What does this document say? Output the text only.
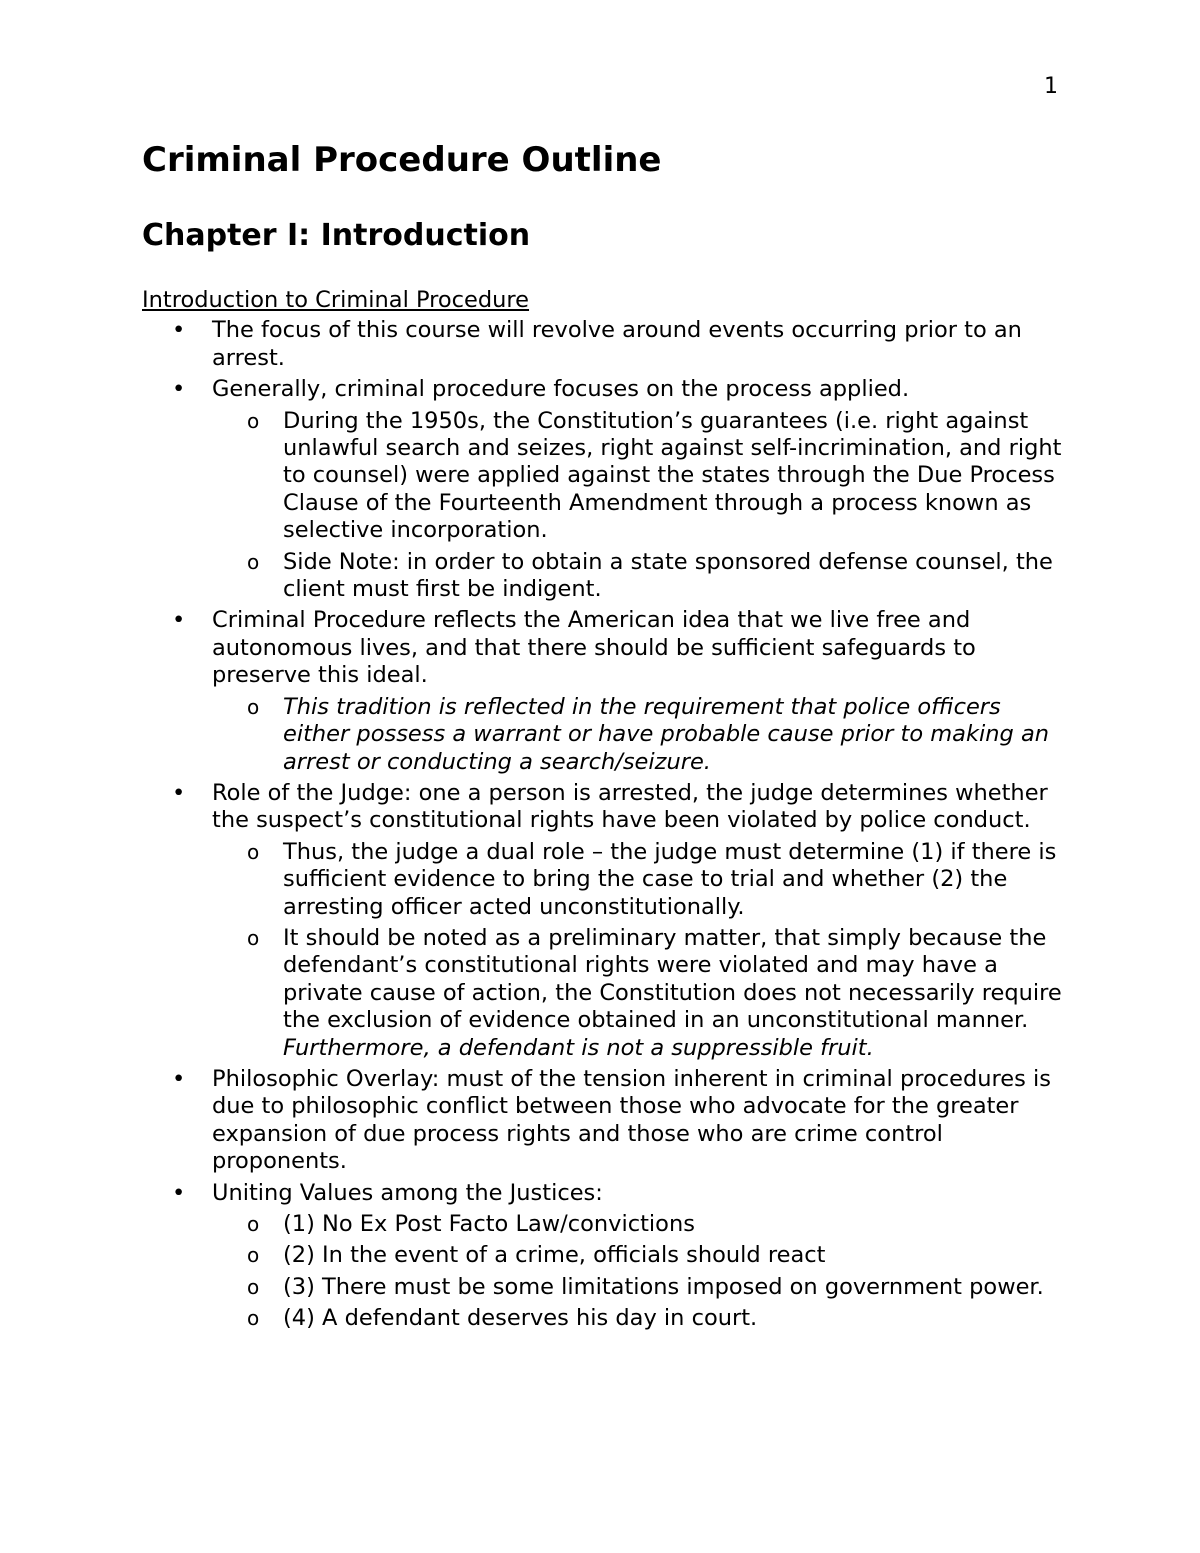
1
Criminal Procedure Outline
Chapter I: Introduction
Introduction to Criminal Procedure
• The focus of this course will revolve around events occurring prior to an arrest.
• Generally, criminal procedure focuses on the process applied.
o During the 1950s, the Constitution’s guarantees (i.e. right against unlawful search and seizes, right against self-incrimination, and right to counsel) were applied against the states through the Due Process Clause of the Fourteenth Amendment through a process known as selective incorporation.
o Side Note: in order to obtain a state sponsored defense counsel, the client must first be indigent.
• Criminal Procedure reflects the American idea that we live free and autonomous lives, and that there should be sufficient safeguards to preserve this ideal.
o This tradition is reflected in the requirement that police officers either possess a warrant or have probable cause prior to making an arrest or conducting a search/seizure.
• Role of the Judge: one a person is arrested, the judge determines whether the suspect’s constitutional rights have been violated by police conduct.
o Thus, the judge a dual role – the judge must determine (1) if there is sufficient evidence to bring the case to trial and whether (2) the arresting officer acted unconstitutionally.
o It should be noted as a preliminary matter, that simply because the defendant’s constitutional rights were violated and may have a private cause of action, the Constitution does not necessarily require the exclusion of evidence obtained in an unconstitutional manner. Furthermore, a defendant is not a suppressible fruit.
• Philosophic Overlay: must of the tension inherent in criminal procedures is due to philosophic conflict between those who advocate for the greater expansion of due process rights and those who are crime control proponents.
• Uniting Values among the Justices:
o (1) No Ex Post Facto Law/convictions
o (2) In the event of a crime, officials should react
o (3) There must be some limitations imposed on government power.
o (4) A defendant deserves his day in court.
